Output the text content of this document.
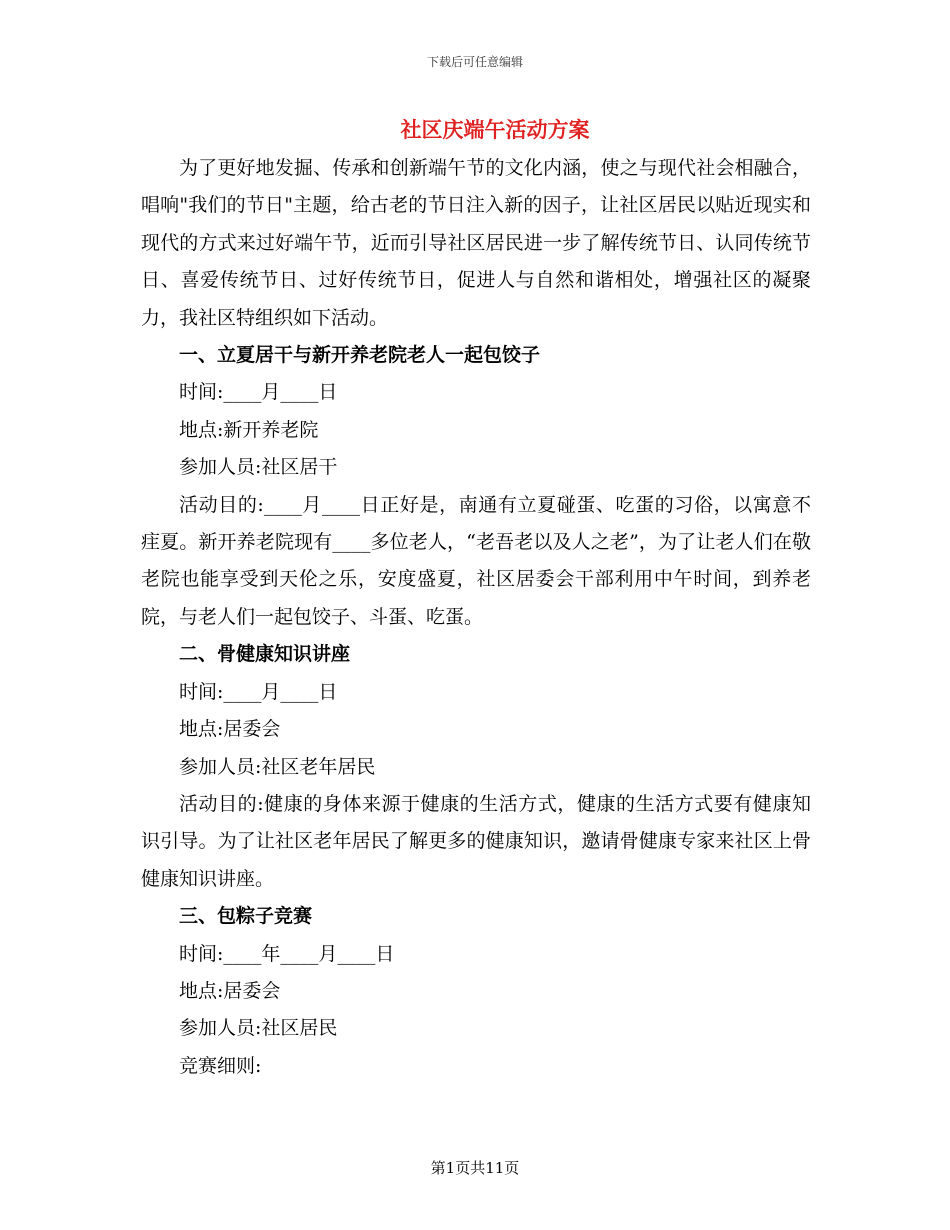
下载后可任意编辑
社区庆端午活动方案

为了更好地发掘、传承和创新端午节的文化内涵，使之与现代社会相融合，唱响"我们的节日"主题，给古老的节日注入新的因子，让社区居民以贴近现实和现代的方式来过好端午节，近而引导社区居民进一步了解传统节日、认同传统节日、喜爱传统节日、过好传统节日，促进人与自然和谐相处，增强社区的凝聚力，我社区特组织如下活动。

一、立夏居干与新开养老院老人一起包饺子

时间:____月____日

地点:新开养老院

参加人员:社区居干

活动目的:____月____日正好是，南通有立夏碰蛋、吃蛋的习俗，以寓意不疰夏。新开养老院现有____多位老人，“老吾老以及人之老”，为了让老人们在敬老院也能享受到天伦之乐，安度盛夏，社区居委会干部利用中午时间，到养老院，与老人们一起包饺子、斗蛋、吃蛋。

二、骨健康知识讲座

时间:____月____日

地点:居委会

参加人员:社区老年居民

活动目的:健康的身体来源于健康的生活方式，健康的生活方式要有健康知识引导。为了让社区老年居民了解更多的健康知识，邀请骨健康专家来社区上骨健康知识讲座。

三、包粽子竞赛

时间:____年____月____日

地点:居委会

参加人员:社区居民

竞赛细则:

第1页共11页
